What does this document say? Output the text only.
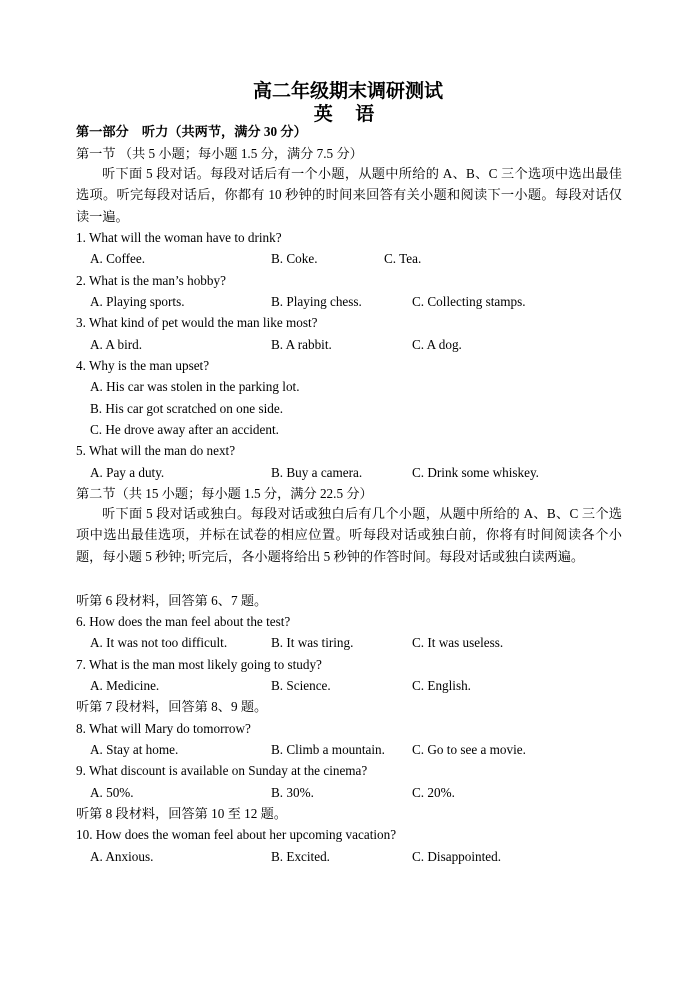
高二年级期末调研测试
英 语
第一部分　听力（共两节，满分 30 分）
第一节 （共 5 小题；每小题 1.5 分，满分 7.5 分）
听下面 5 段对话。每段对话后有一个小题，从题中所给的 A、B、C 三个选项中选出最佳选项。听完每段对话后，你都有 10 秒钟的时间来回答有关小题和阅读下一小题。每段对话仅读一遍。
1. What will the woman have to drink?
A. Coffee.	B. Coke.	C. Tea.
2. What is the man’s hobby?
A. Playing sports.	B. Playing chess.	C. Collecting stamps.
3. What kind of pet would the man like most?
A. A bird.	B. A rabbit.	C. A dog.
4. Why is the man upset?
A. His car was stolen in the parking lot.
B. His car got scratched on one side.
C. He drove away after an accident.
5. What will the man do next?
A. Pay a duty.	B. Buy a camera.	C. Drink some whiskey.
第二节（共 15 小题；每小题 1.5 分，满分 22.5 分）
听下面 5 段对话或独白。每段对话或独白后有几个小题，从题中所给的 A、B、C 三个选项中选出最佳选项，并标在试卷的相应位置。听每段对话或独白前，你将有时间阅读各个小题，每小题 5 秒钟; 听完后，各小题将给出 5 秒钟的作答时间。每段对话或独白读两遍。
听第 6 段材料，回答第 6、7 题。
6. How does the man feel about the test?
A. It was not too difficult.	B. It was tiring.	C. It was useless.
7. What is the man most likely going to study?
A. Medicine.	B. Science.	C. English.
听第 7 段材料，回答第 8、9 题。
8. What will Mary do tomorrow?
A. Stay at home.	B. Climb a mountain. C. Go to see a movie.
9. What discount is available on Sunday at the cinema?
A. 50%.	B. 30%.	C. 20%.
听第 8 段材料，回答第 10 至 12 题。
10. How does the woman feel about her upcoming vacation?
A. Anxious.	B. Excited.	C. Disappointed.
